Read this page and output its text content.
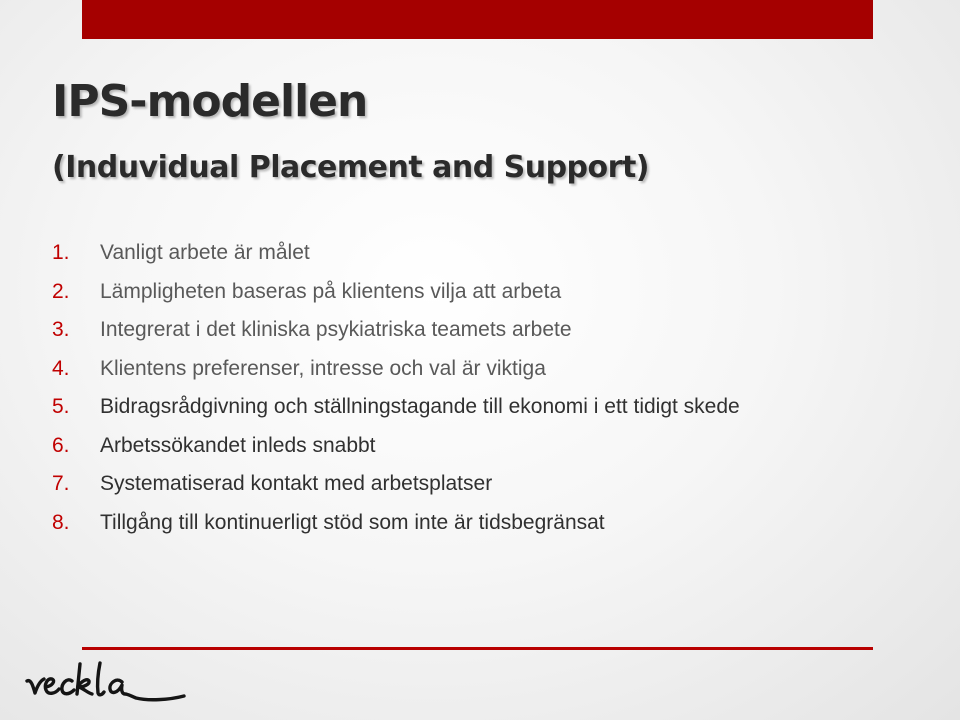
IPS-modellen
(Induvidual Placement and Support)
1.	Vanligt arbete är målet
2.	Lämpligheten baseras på klientens vilja att arbeta
3.	Integrerat i det kliniska psykiatriska teamets arbete
4.	Klientens preferenser, intresse och val är viktiga
5.	Bidragsrådgivning och ställningstagande till ekonomi i ett tidigt skede
6.	Arbetssökandet inleds snabbt
7.	Systematiserad kontakt med arbetsplatser
8.	Tillgång till kontinuerligt stöd som inte är tidsbegränsat
